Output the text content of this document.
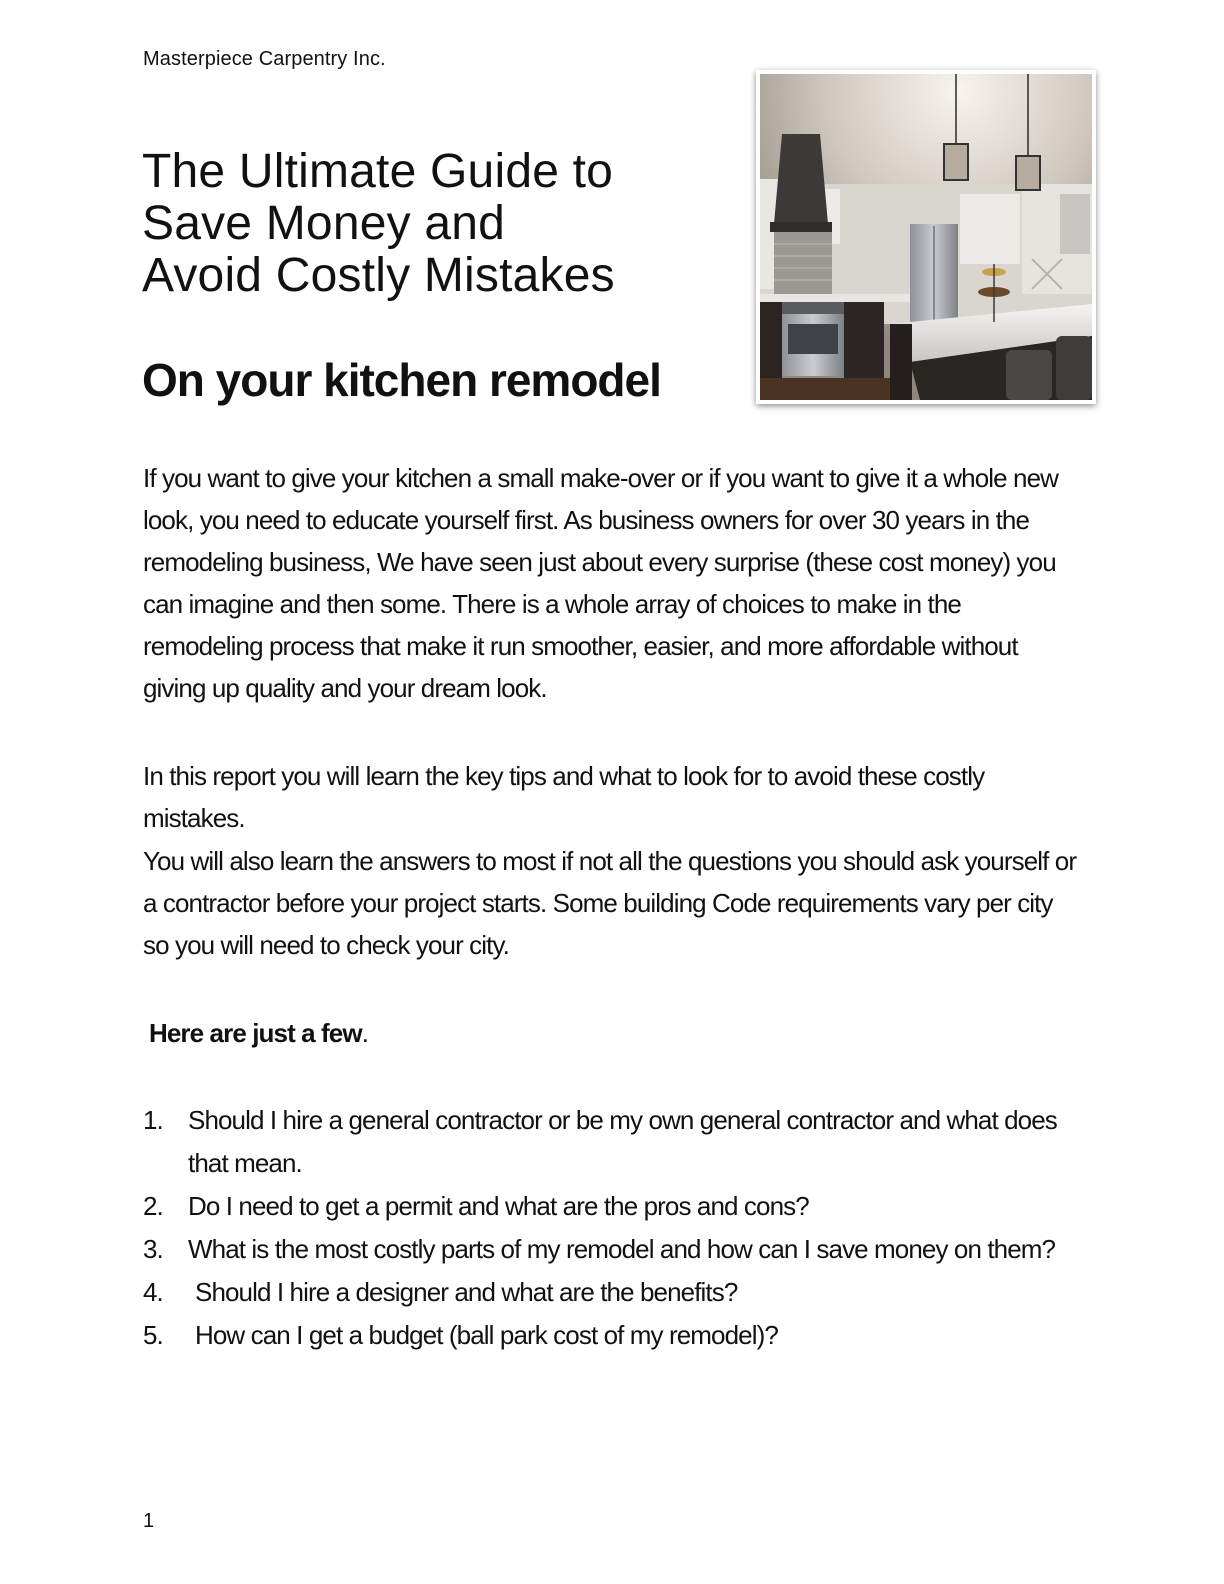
Masterpiece Carpentry Inc.
The Ultimate Guide to
Save Money and
Avoid Costly Mistakes
On your kitchen remodel

If you want to give your kitchen a small make-over or if you want to give it a whole new look, you need to educate yourself first. As business owners for over 30 years in the remodeling business, We have seen just about every surprise (these cost money) you can imagine and then some. There is a whole array of choices to make in the remodeling process that make it run smoother, easier, and more affordable without giving up quality and your dream look.

In this report you will learn the key tips and what to look for to avoid these costly mistakes.

You will also learn the answers to most if not all the questions you should ask yourself or a contractor before your project starts. Some building Code requirements vary per city so you will need to check your city.

Here are just a few.
1. Should I hire a general contractor or be my own general contractor and what does that mean.
2. Do I need to get a permit and what are the pros and cons?
3. What is the most costly parts of my remodel and how can I save money on them?
4. Should I hire a designer and what are the benefits?
5. How can I get a budget (ball park cost of my remodel)?
1
